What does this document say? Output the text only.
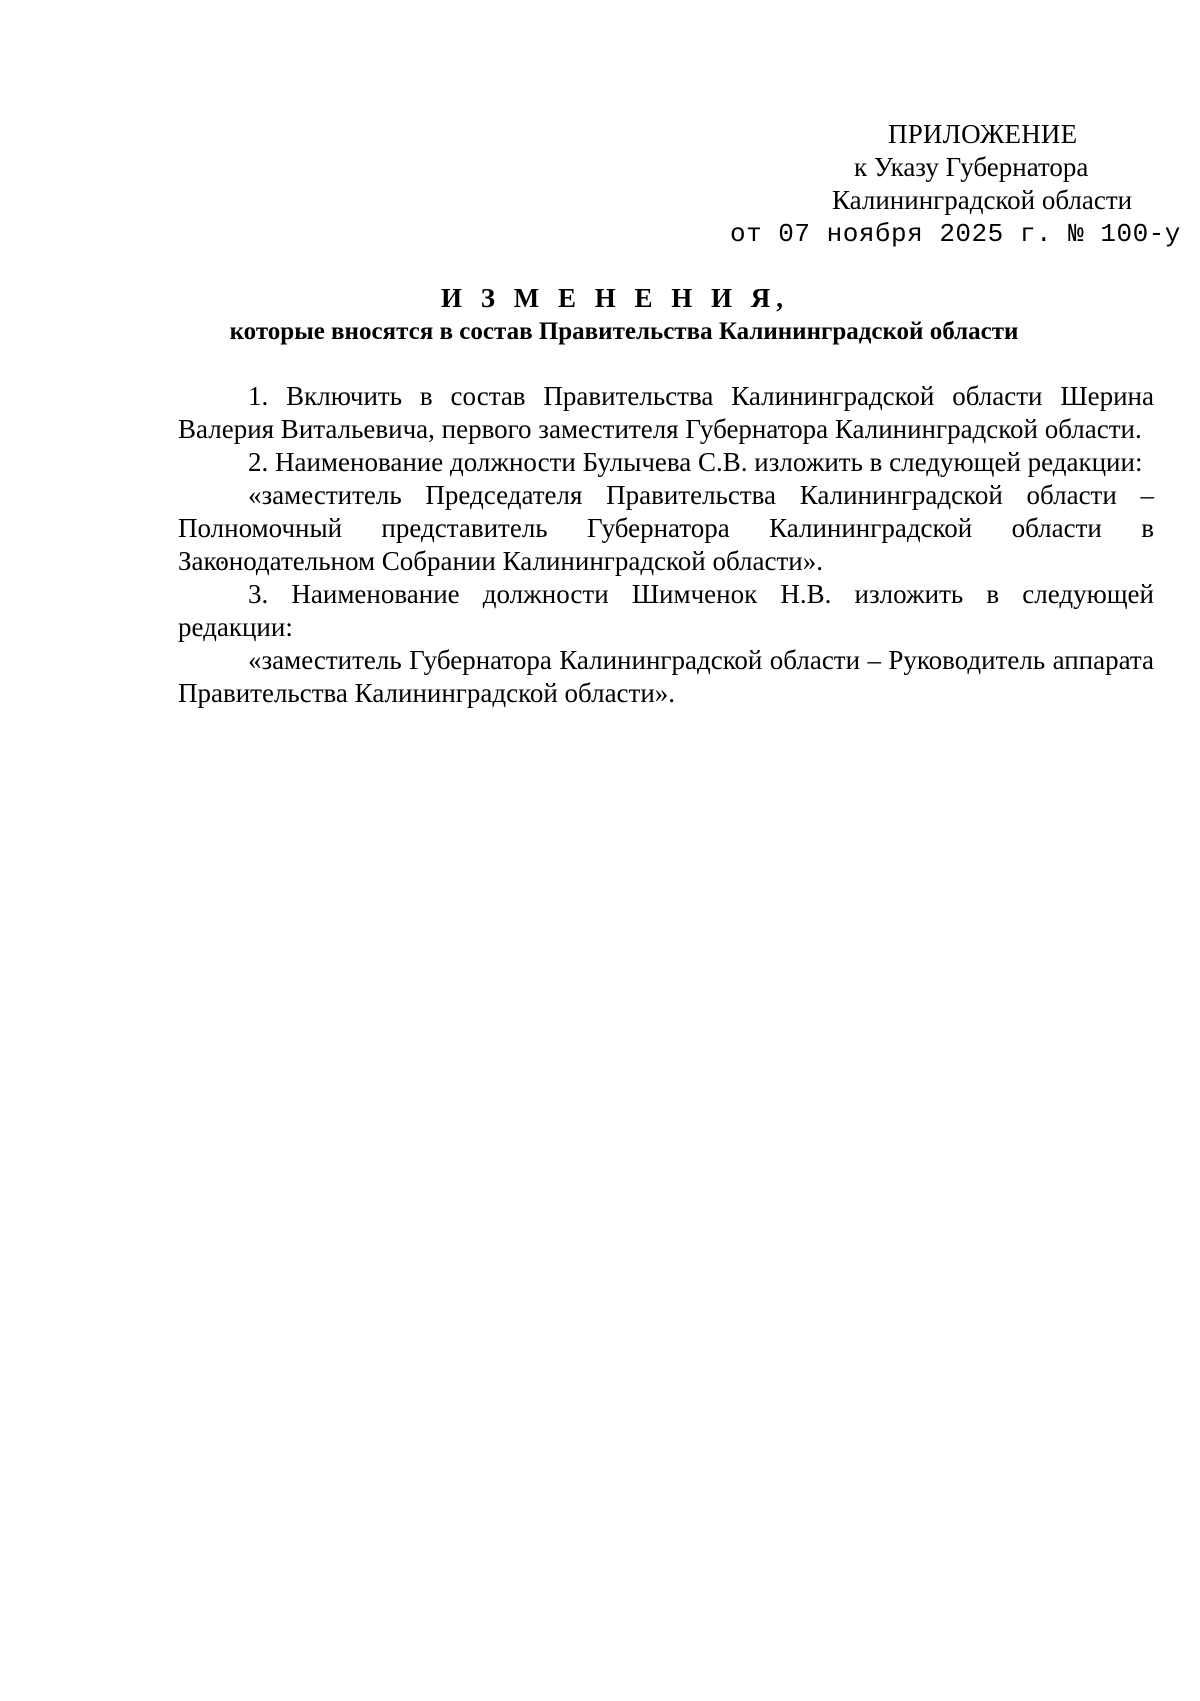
ПРИЛОЖЕНИЕ
к Указу Губернатора
Калининградской области
от 07 ноября 2025 г. № 100-у
И З М Е Н Е Н И Я,
которые вносятся в состав Правительства Калининградской области

1. Включить в состав Правительства Калининградской области Шерина Валерия Витальевича, первого заместителя Губернатора Калининградской области.

2. Наименование должности Булычева С.В. изложить в следующей редакции:

«заместитель Председателя Правительства Калининградской области – Полномочный представитель Губернатора Калининградской области в Законодательном Собрании Калининградской области».

3. Наименование должности Шимченок Н.В. изложить в следующей редакции:

«заместитель Губернатора Калининградской области – Руководитель аппарата Правительства Калининградской области».
